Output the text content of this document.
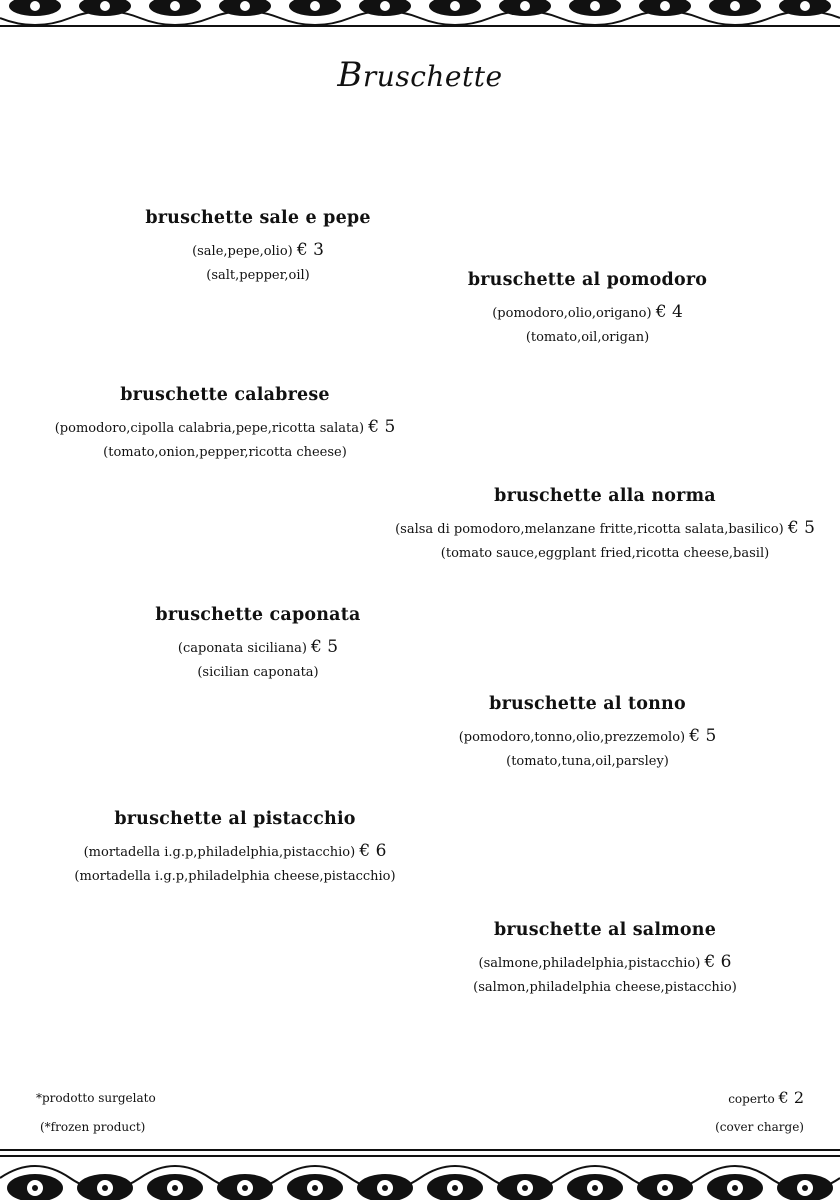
Bruschette
bruschette sale e pepe
(sale,pepe,olio) € 3
(salt,pepper,oil)	bruschette al pomodoro
(pomodoro,olio,origano) € 4
(tomato,oil,origan)
bruschette calabrese
(pomodoro,cipolla calabria,pepe,ricotta salata) € 5
(tomato,onion,pepper,ricotta cheese)
bruschette alla norma
(salsa di pomodoro,melanzane fritte,ricotta salata,basilico) € 5
(tomato sauce,eggplant fried,ricotta cheese,basil)
bruschette caponata
(caponata siciliana) € 5
(sicilian caponata)
bruschette al tonno
(pomodoro,tonno,olio,prezzemolo) € 5
(tomato,tuna,oil,parsley)
bruschette al pistacchio
(mortadella i.g.p,philadelphia,pistacchio) € 6
(mortadella i.g.p,philadelphia cheese,pistacchio)
bruschette al salmone
(salmone,philadelphia,pistacchio) € 6
(salmon,philadelphia cheese,pistacchio)
*prodotto surgelato
(*frozen product)
coperto € 2
(cover charge)
